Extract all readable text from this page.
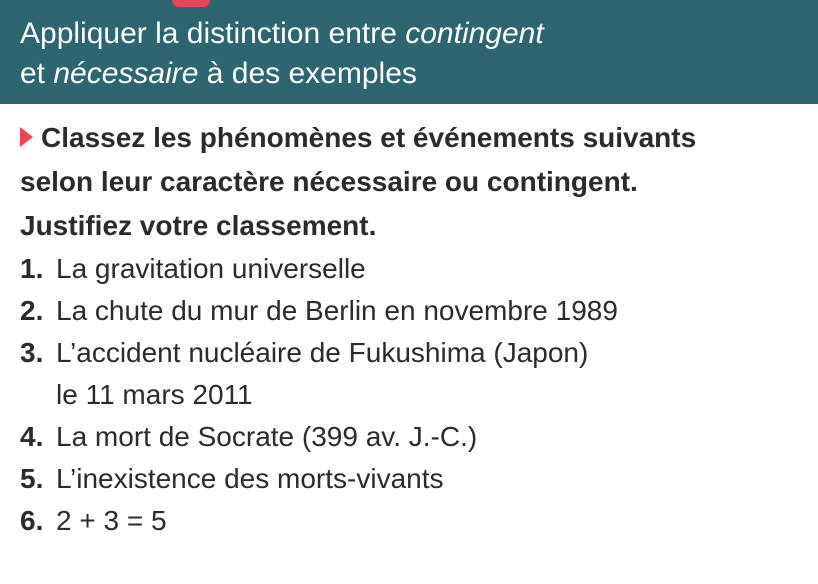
Appliquer la distinction entre contingent
et nécessaire à des exemples
Classez les phénomènes et événements suivants
selon leur caractère nécessaire ou contingent.
Justifiez votre classement.
1. La gravitation universelle
2. La chute du mur de Berlin en novembre 1989
3. L’accident nucléaire de Fukushima (Japon)
le 11 mars 2011
4. La mort de Socrate (399 av. J.-C.)
5. L’inexistence des morts-vivants
6. 2 + 3 = 5
